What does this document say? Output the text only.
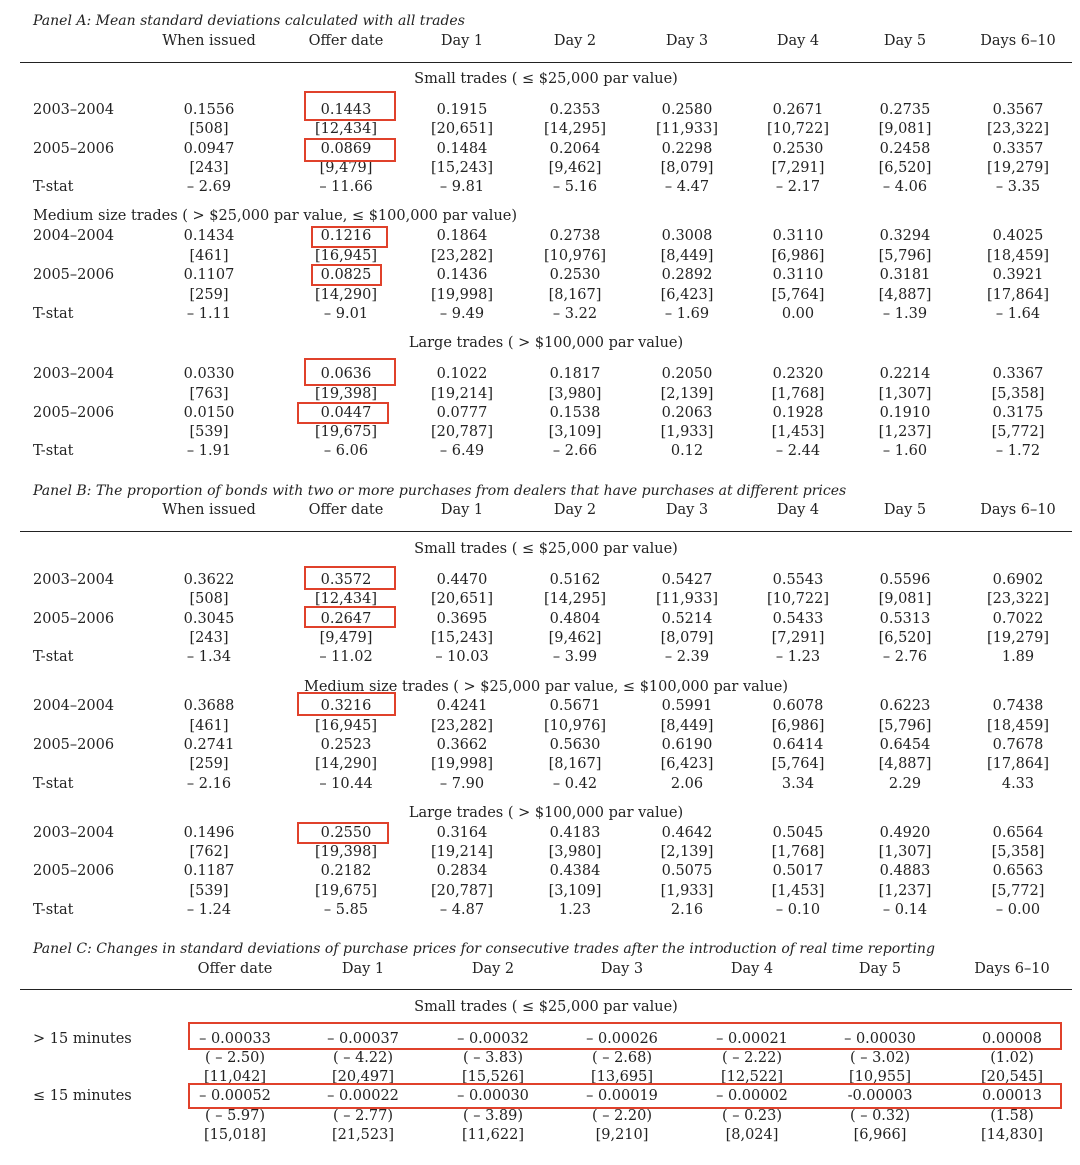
Panel A: Mean standard deviations calculated with all trades
When issued	Offer date	Day 1	Day 2	Day 3	Day 4	Day 5	Days 6–10
Small trades ( ≤ $25,000 par value)
2003–2004	0.1556	0.1443	0.1915	0.2353	0.2580	0.2671	0.2735	0.3567
[508]	[12,434]	[20,651]	[14,295]	[11,933]	[10,722]	[9,081]	[23,322]
2005–2006	0.0947	0.0869	0.1484	0.2064	0.2298	0.2530	0.2458	0.3357
[243]	[9,479]	[15,243]	[9,462]	[8,079]	[7,291]	[6,520]	[19,279]
T-stat	– 2.69	– 11.66	– 9.81	– 5.16	– 4.47	– 2.17	– 4.06	– 3.35
Medium size trades ( > $25,000 par value, ≤ $100,000 par value)
2004–2004	0.1434	0.1216	0.1864	0.2738	0.3008	0.3110	0.3294	0.4025
[461]	[16,945]	[23,282]	[10,976]	[8,449]	[6,986]	[5,796]	[18,459]
2005–2006	0.1107	0.0825	0.1436	0.2530	0.2892	0.3110	0.3181	0.3921
[259]	[14,290]	[19,998]	[8,167]	[6,423]	[5,764]	[4,887]	[17,864]
T-stat	– 1.11	– 9.01	– 9.49	– 3.22	– 1.69	0.00	– 1.39	– 1.64
Large trades ( > $100,000 par value)
2003–2004	0.0330	0.0636	0.1022	0.1817	0.2050	0.2320	0.2214	0.3367
[763]	[19,398]	[19,214]	[3,980]	[2,139]	[1,768]	[1,307]	[5,358]
2005–2006	0.0150	0.0447	0.0777	0.1538	0.2063	0.1928	0.1910	0.3175
[539]	[19,675]	[20,787]	[3,109]	[1,933]	[1,453]	[1,237]	[5,772]
T-stat	– 1.91	– 6.06	– 6.49	– 2.66	0.12	– 2.44	– 1.60	– 1.72
Panel B: The proportion of bonds with two or more purchases from dealers that have purchases at different prices
When issued	Offer date	Day 1	Day 2	Day 3	Day 4	Day 5	Days 6–10
Small trades ( ≤ $25,000 par value)
2003–2004	0.3622	0.3572	0.4470	0.5162	0.5427	0.5543	0.5596	0.6902
[508]	[12,434]	[20,651]	[14,295]	[11,933]	[10,722]	[9,081]	[23,322]
2005–2006	0.3045	0.2647	0.3695	0.4804	0.5214	0.5433	0.5313	0.7022
[243]	[9,479]	[15,243]	[9,462]	[8,079]	[7,291]	[6,520]	[19,279]
T-stat	– 1.34	– 11.02	– 10.03	– 3.99	– 2.39	– 1.23	– 2.76	1.89
Medium size trades ( > $25,000 par value, ≤ $100,000 par value)
2004–2004	0.3688	0.3216	0.4241	0.5671	0.5991	0.6078	0.6223	0.7438
[461]	[16,945]	[23,282]	[10,976]	[8,449]	[6,986]	[5,796]	[18,459]
2005–2006	0.2741	0.2523	0.3662	0.5630	0.6190	0.6414	0.6454	0.7678
[259]	[14,290]	[19,998]	[8,167]	[6,423]	[5,764]	[4,887]	[17,864]
T-stat	– 2.16	– 10.44	– 7.90	– 0.42	2.06	3.34	2.29	4.33
Large trades ( > $100,000 par value)
2003–2004	0.1496	0.2550	0.3164	0.4183	0.4642	0.5045	0.4920	0.6564
[762]	[19,398]	[19,214]	[3,980]	[2,139]	[1,768]	[1,307]	[5,358]
2005–2006	0.1187	0.2182	0.2834	0.4384	0.5075	0.5017	0.4883	0.6563
[539]	[19,675]	[20,787]	[3,109]	[1,933]	[1,453]	[1,237]	[5,772]
T-stat	– 1.24	– 5.85	– 4.87	1.23	2.16	– 0.10	– 0.14	– 0.00
Panel C: Changes in standard deviations of purchase prices for consecutive trades after the introduction of real time reporting
Offer date	Day 1	Day 2	Day 3	Day 4	Day 5	Days 6–10
Small trades ( ≤ $25,000 par value)
> 15 minutes	– 0.00033	– 0.00037	– 0.00032	– 0.00026	– 0.00021	– 0.00030	0.00008
( – 2.50)	( – 4.22)	( – 3.83)	( – 2.68)	( – 2.22)	( – 3.02)	(1.02)
[11,042]	[20,497]	[15,526]	[13,695]	[12,522]	[10,955]	[20,545]
≤ 15 minutes	– 0.00052	– 0.00022	– 0.00030	– 0.00019	– 0.00002	-0.00003	0.00013
( – 5.97)	( – 2.77)	( – 3.89)	( – 2.20)	( – 0.23)	( – 0.32)	(1.58)
[15,018]	[21,523]	[11,622]	[9,210]	[8,024]	[6,966]	[14,830]
